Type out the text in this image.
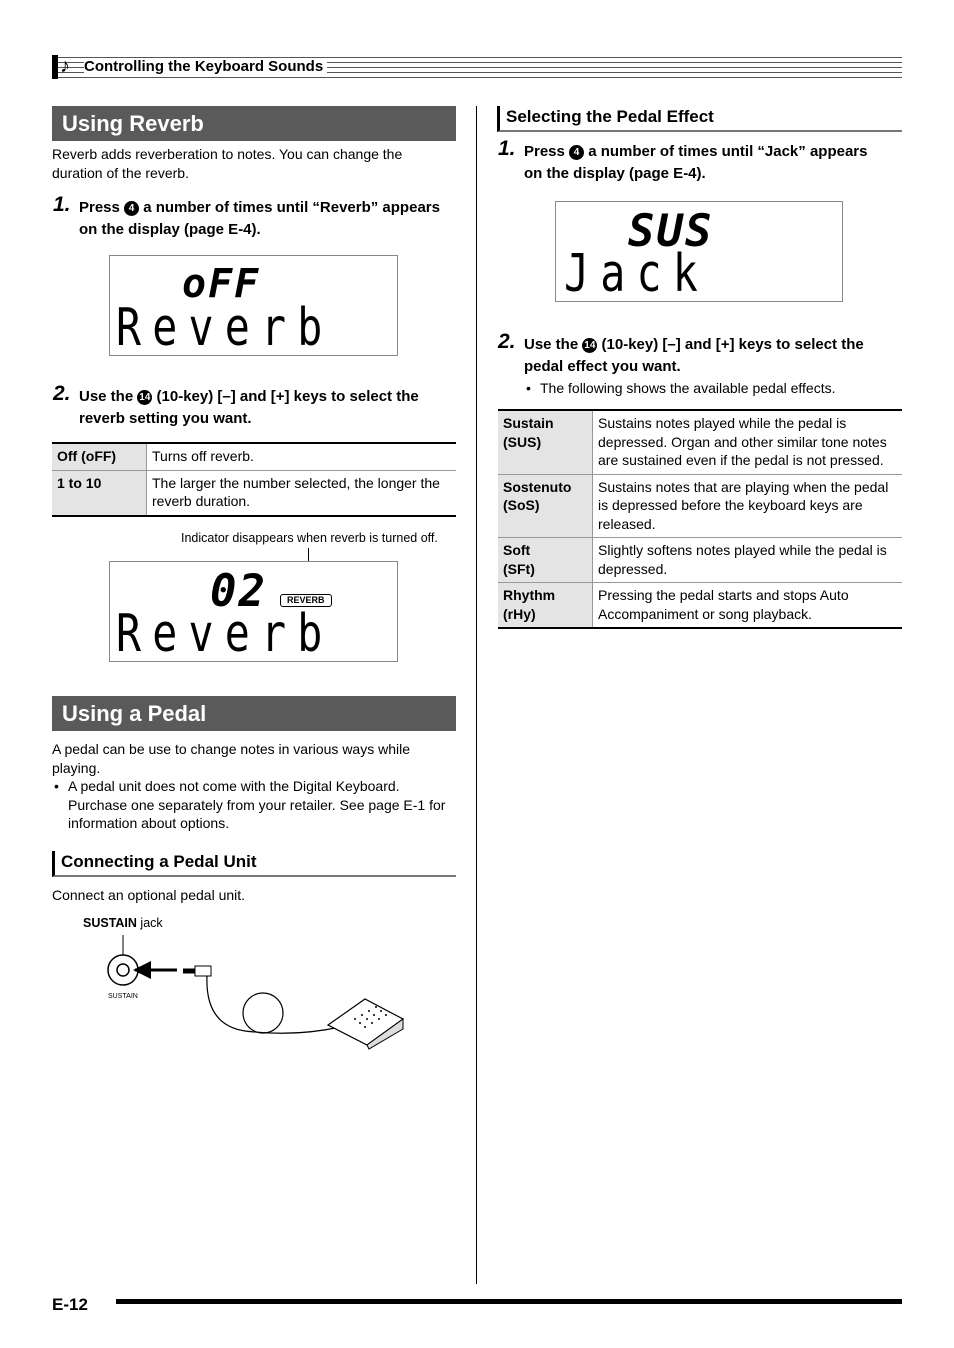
♪ Controlling the Keyboard Sounds
Using Reverb
Reverb adds reverberation to notes. You can change the duration of the reverb.
1. Press 4 a number of times until “Reverb” appears on the display (page E-4).
oFF
Reverb
2. Use the 14 (10-key) [–] and [+] keys to select the reverb setting you want.
Off (oFF)	Turns off reverb.
1 to 10	The larger the number selected, the longer the reverb duration.
Indicator disappears when reverb is turned off.
02	REVERB
Reverb
Using a Pedal
A pedal can be use to change notes in various ways while playing.
• A pedal unit does not come with the Digital Keyboard. Purchase one separately from your retailer. See page E-1 for information about options.
Connecting a Pedal Unit
Connect an optional pedal unit.
SUSTAIN jack
SUSTAIN
Selecting the Pedal Effect
1. Press 4 a number of times until “Jack” appears on the display (page E-4).
SUS
Jack
2. Use the 14 (10-key) [–] and [+] keys to select the pedal effect you want.
• The following shows the available pedal effects.
Sustain
(SUS)	Sustains notes played while the pedal is depressed. Organ and other similar tone notes are sustained even if the pedal is not pressed.

Sostenuto
(SoS)	Sustains notes that are playing when the pedal is depressed before the keyboard keys are released.

Soft
(SFt)	Slightly softens notes played while the pedal is depressed.

Rhythm
(rHy)	Pressing the pedal starts and stops Auto Accompaniment or song playback.
E-12
